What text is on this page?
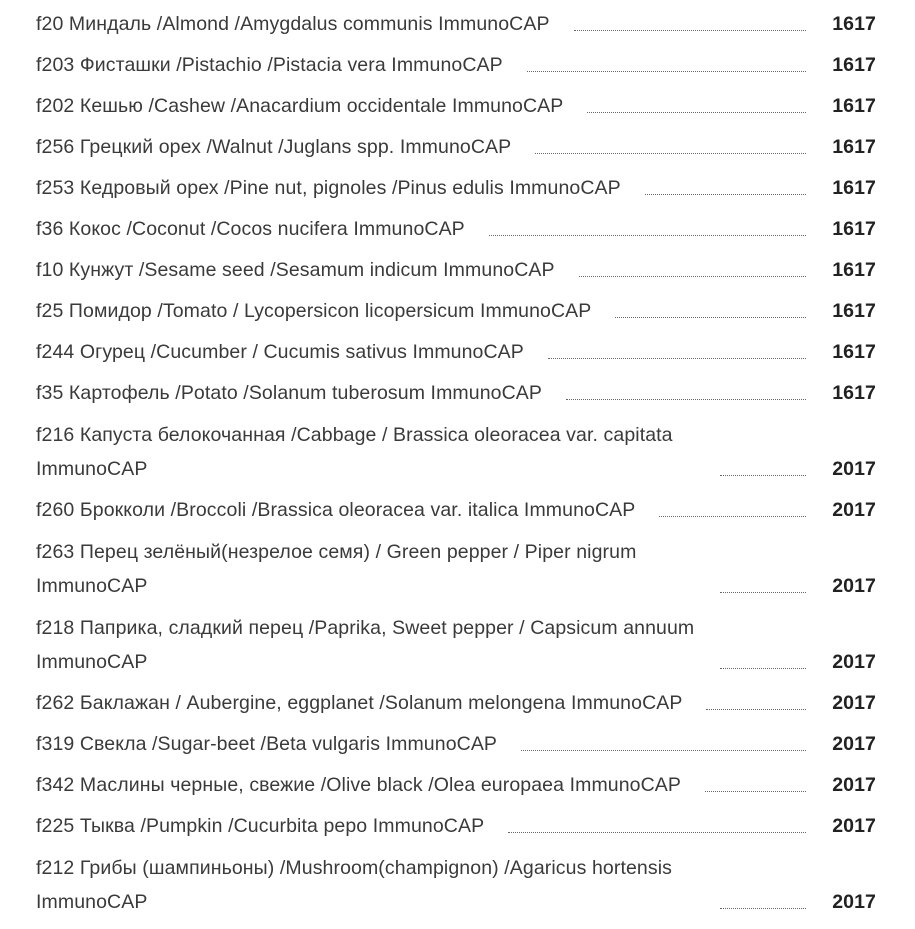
f20 Миндаль /Almond /Amygdalus communis ImmunoCAP	1617
f203 Фисташки /Pistachio /Pistacia vera ImmunoCAP	1617
f202 Кешью /Cashew /Anacardium occidentale ImmunoCAP	1617
f256 Грецкий орех /Walnut /Juglans spp. ImmunoCAP	1617
f253 Кедровый орех /Pine nut, pignoles /Pinus edulis ImmunoCAP	1617
f36 Кокос /Coconut /Cocos nucifera ImmunoCAP	1617
f10 Кунжут /Sesame seed /Sesamum indicum ImmunoCAP	1617
f25 Помидор /Tomato / Lycopersicon licopersicum ImmunoCAP	1617
f244 Огурец /Cucumber / Cucumis sativus ImmunoCAP	1617
f35 Картофель /Potato /Solanum tuberosum ImmunoCAP	1617
f216 Капуста белокочанная /Cabbage / Brassica oleoracea var. capitata ImmunoCAP	2017
f260 Брокколи /Broccoli /Brassica oleoracea var. italica ImmunoCAP	2017
f263 Перец зелёный(незрелое семя) / Green pepper / Piper nigrum ImmunoCAP	2017
f218 Паприка, сладкий перец /Paprika, Sweet pepper / Capsicum annuum ImmunoCAP	2017
f262 Баклажан / Aubergine, eggplanet /Solanum melongena ImmunoCAP	2017
f319 Свекла /Sugar-beet /Beta vulgaris ImmunoCAP	2017
f342 Маслины черные, свежие /Olive black /Olea europaea ImmunoCAP	2017
f225 Тыква /Pumpkin /Cucurbita pepo ImmunoCAP	2017
f212 Грибы (шампиньоны) /Mushroom(champignon) /Agaricus hortensis ImmunoCAP	2017
